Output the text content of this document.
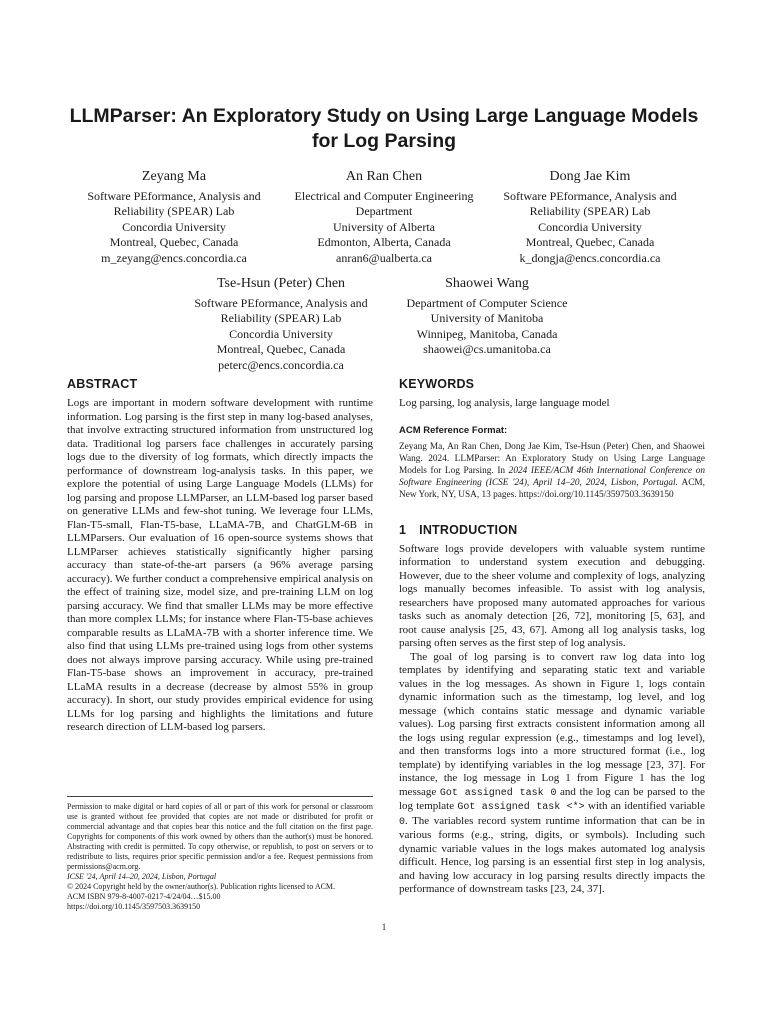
LLMParser: An Exploratory Study on Using Large Language Models for Log Parsing
Zeyang Ma
Software PEformance, Analysis and
Reliability (SPEAR) Lab
Concordia University
Montreal, Quebec, Canada
m_zeyang@encs.concordia.ca
An Ran Chen
Electrical and Computer Engineering
Department
University of Alberta
Edmonton, Alberta, Canada
anran6@ualberta.ca
Dong Jae Kim
Software PEformance, Analysis and
Reliability (SPEAR) Lab
Concordia University
Montreal, Quebec, Canada
k_dongja@encs.concordia.ca
Tse-Hsun (Peter) Chen
Software PEformance, Analysis and
Reliability (SPEAR) Lab
Concordia University
Montreal, Quebec, Canada
peterc@encs.concordia.ca
Shaowei Wang
Department of Computer Science
University of Manitoba
Winnipeg, Manitoba, Canada
shaowei@cs.umanitoba.ca
ABSTRACT

Logs are important in modern software development with runtime information. Log parsing is the first step in many log-based analyses, that involve extracting structured information from unstructured log data. Traditional log parsers face challenges in accurately parsing logs due to the diversity of log formats, which directly impacts the performance of downstream log-analysis tasks. In this paper, we explore the potential of using Large Language Models (LLMs) for log parsing and propose LLMParser, an LLM-based log parser based on generative LLMs and few-shot tuning. We leverage four LLMs, Flan-T5-small, Flan-T5-base, LLaMA-7B, and ChatGLM-6B in LLMParsers. Our evaluation of 16 open-source systems shows that LLMParser achieves statistically significantly higher parsing accuracy than state-of-the-art parsers (a 96% average parsing accuracy). We further conduct a comprehensive empirical analysis on the effect of training size, model size, and pre-training LLM on log parsing accuracy. We find that smaller LLMs may be more effective than more complex LLMs; for instance where Flan-T5-base achieves comparable results as LLaMA-7B with a shorter inference time. We also find that using LLMs pre-trained using logs from other systems does not always improve parsing accuracy. While using pre-trained Flan-T5-base shows an improvement in accuracy, pre-trained LLaMA results in a decrease (decrease by almost 55% in group accuracy). In short, our study provides empirical evidence for using LLMs for log parsing and highlights the limitations and future research direction of LLM-based log parsers.

KEYWORDS

Log parsing, log analysis, large language model

ACM Reference Format:

Zeyang Ma, An Ran Chen, Dong Jae Kim, Tse-Hsun (Peter) Chen, and Shaowei Wang. 2024. LLMParser: An Exploratory Study on Using Large Language Models for Log Parsing. In 2024 IEEE/ACM 46th International Conference on Software Engineering (ICSE '24), April 14–20, 2024, Lisbon, Portugal. ACM, New York, NY, USA, 13 pages. https://doi.org/10.1145/3597503.3639150

1 INTRODUCTION

Software logs provide developers with valuable system runtime information to understand system execution and debugging. However, due to the sheer volume and complexity of logs, analyzing logs manually becomes infeasible. To assist with log analysis, researchers have proposed many automated approaches for various tasks such as anomaly detection [26, 72], monitoring [5, 63], and root cause analysis [25, 43, 67]. Among all log analysis tasks, log parsing often serves as the first step of log analysis.

The goal of log parsing is to convert raw log data into log templates by identifying and separating static text and variable values in the log messages. As shown in Figure 1, logs contain dynamic information such as the timestamp, log level, and log message (which contains static message and dynamic variable values). Log parsing first extracts consistent information among all the logs using regular expression (e.g., timestamps and log level), and then transforms logs into a more structured format (i.e., log template) by identifying variables in the log message [23, 37]. For instance, the log message in Log 1 from Figure 1 has the log message Got assigned task 0 and the log can be parsed to the log template Got assigned task <*> with an identified variable 0. The variables record system runtime information that can be in various forms (e.g., string, digits, or symbols). Including such dynamic variable values in the logs makes automated log analysis difficult. Hence, log parsing is an essential first step in log analysis, and having low accuracy in log parsing results directly impacts the performance of downstream tasks [23, 24, 37].

Permission to make digital or hard copies of all or part of this work for personal or classroom use is granted without fee provided that copies are not made or distributed for profit or commercial advantage and that copies bear this notice and the full citation on the first page. Copyrights for components of this work owned by others than the author(s) must be honored. Abstracting with credit is permitted. To copy otherwise, or republish, to post on servers or to redistribute to lists, requires prior specific permission and/or a fee. Request permissions from permissions@acm.org.

ICSE '24, April 14–20, 2024, Lisbon, Portugal

© 2024 Copyright held by the owner/author(s). Publication rights licensed to ACM.

ACM ISBN 979-8-4007-0217-4/24/04…$15.00

https://doi.org/10.1145/3597503.3639150

1
